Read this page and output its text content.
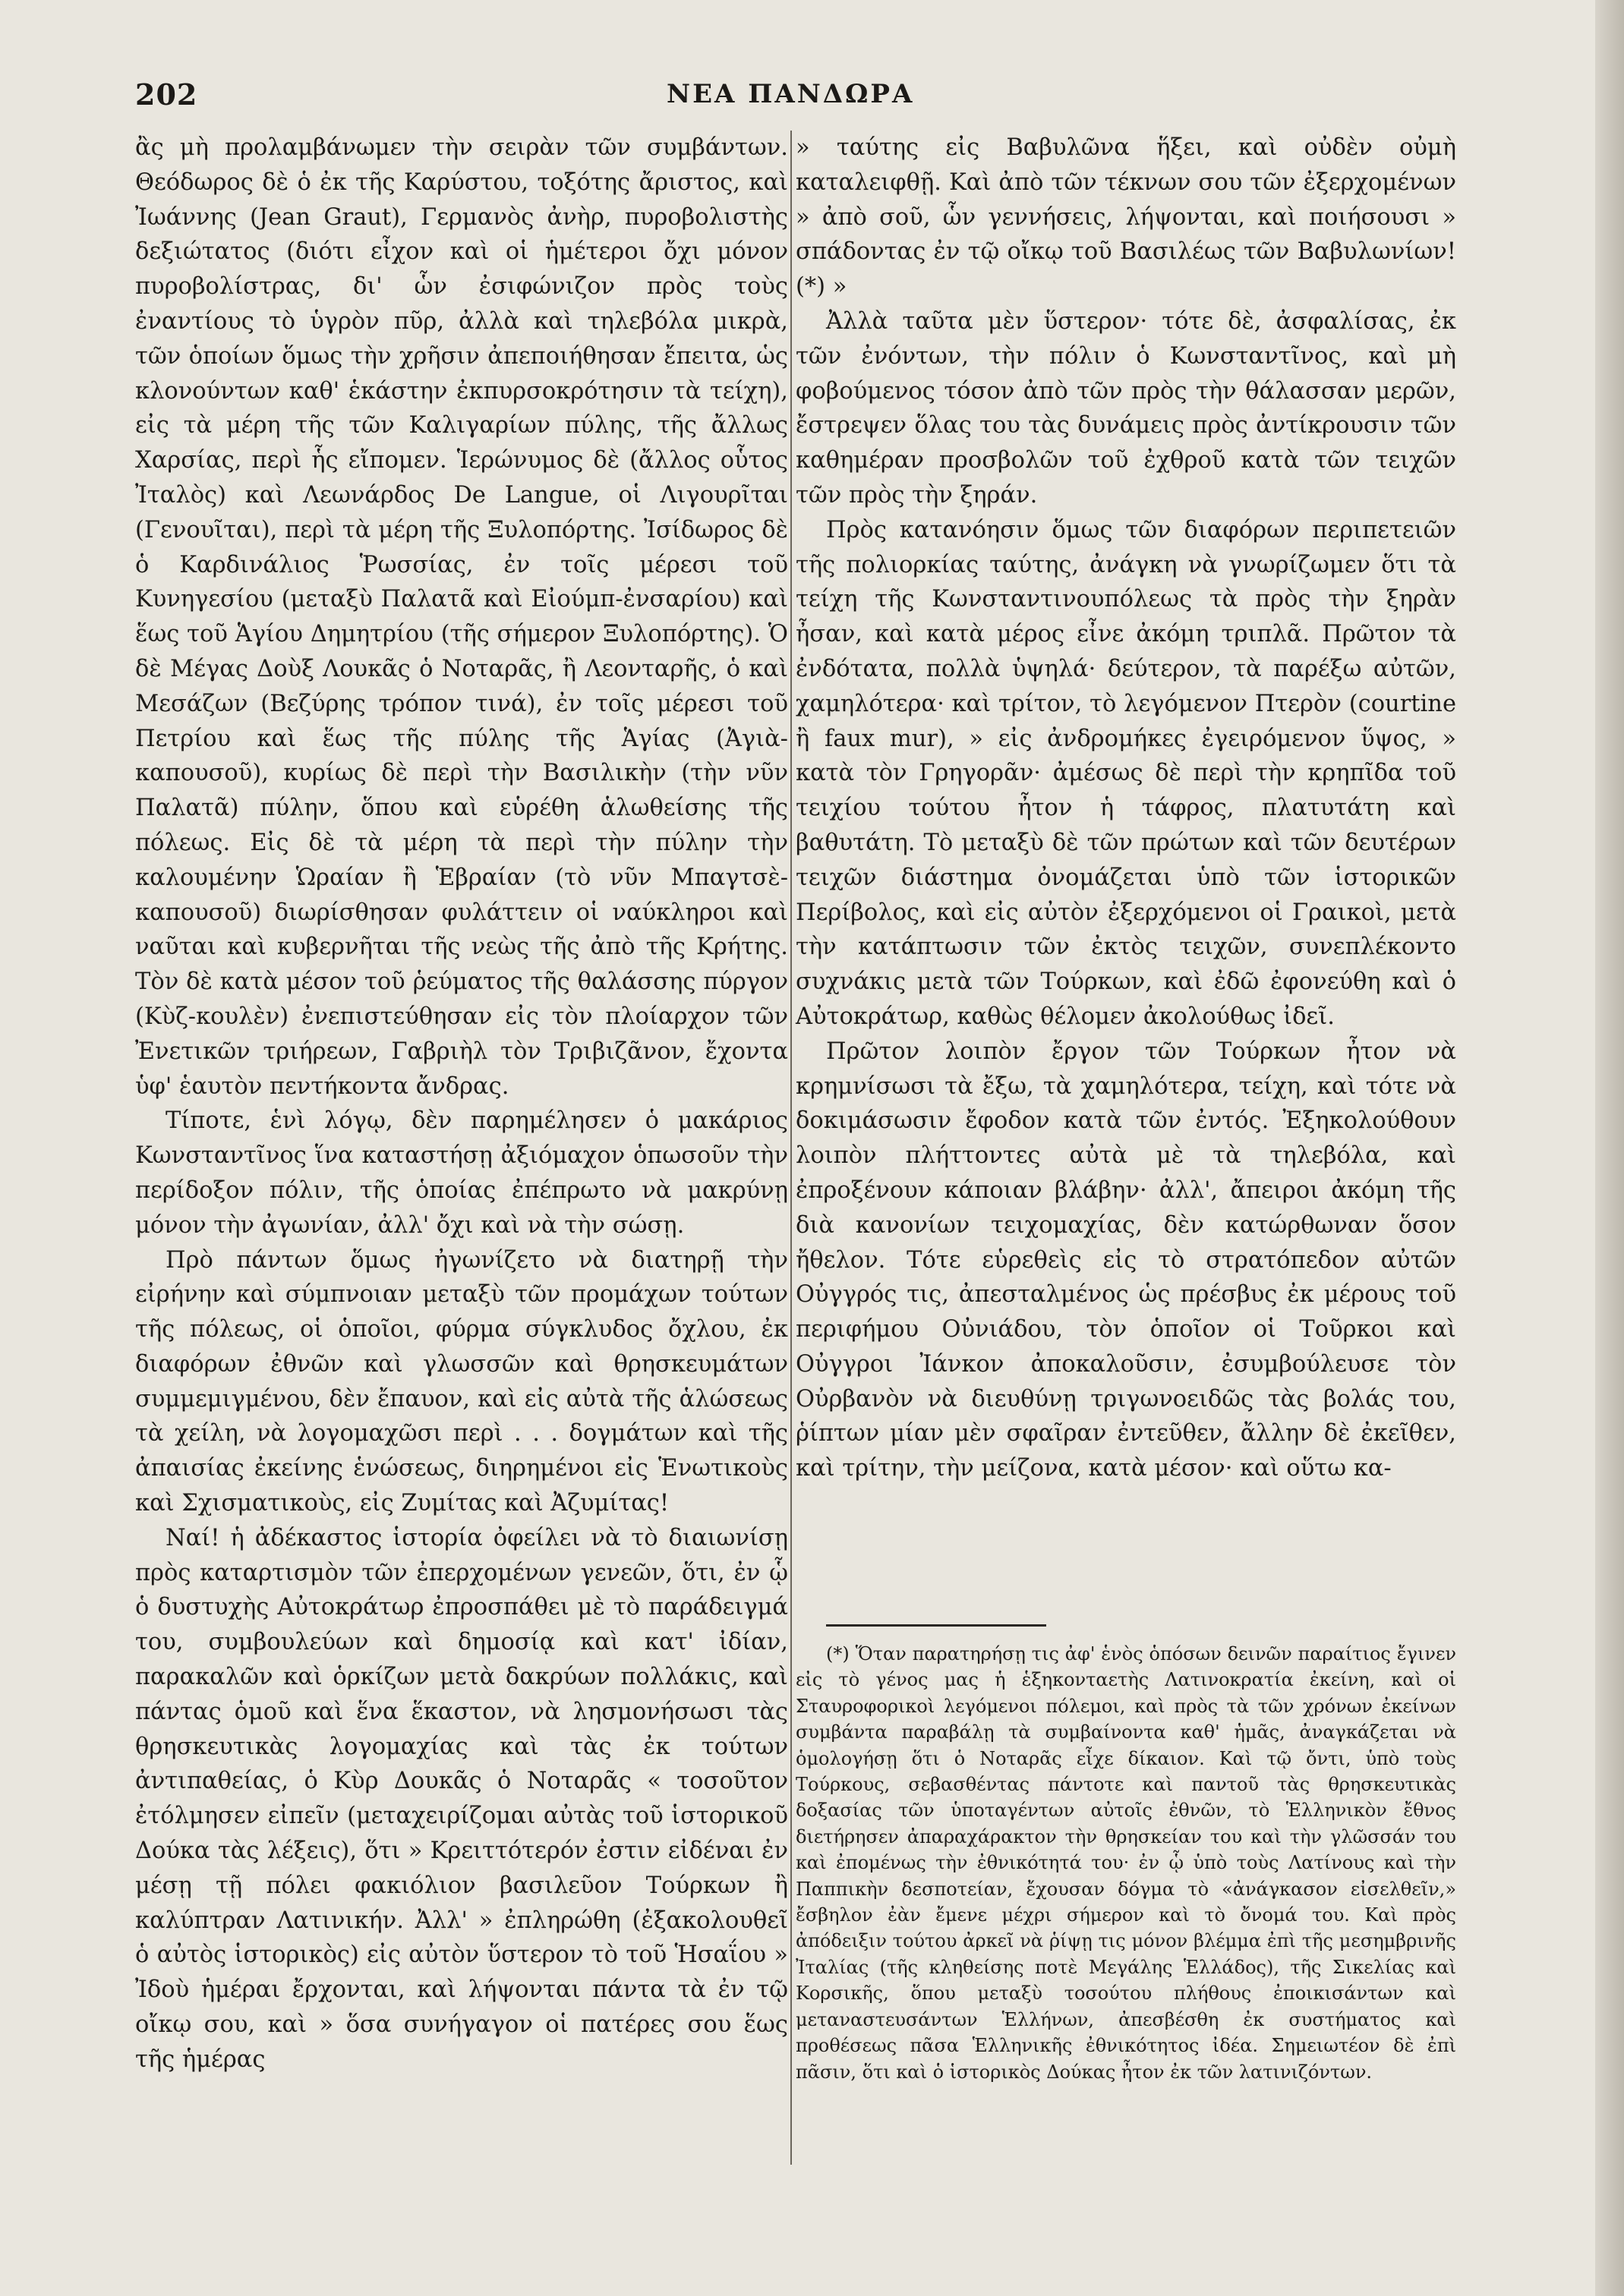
202	ΝΕΑ ΠΑΝΔΩΡΑ

ἂς μὴ προλαμβάνωμεν τὴν σειρὰν τῶν συμβάντων. Θεόδωρος δὲ ὁ ἐκ τῆς Καρύστου, τοξότης ἄριστος, καὶ Ἰωάννης (Jean Graut), Γερμανὸς ἀνὴρ, πυροβολιστὴς δεξιώτατος (διότι εἶχον καὶ οἱ ἡμέτεροι ὄχι μόνον πυροβολίστρας, δι' ὧν ἐσιφώνιζον πρὸς τοὺς ἐναντίους τὸ ὑγρὸν πῦρ, ἀλλὰ καὶ τηλεβόλα μικρὰ, τῶν ὁποίων ὅμως τὴν χρῆσιν ἀπεποιήθησαν ἔπειτα, ὡς κλονούντων καθ' ἑκάστην ἐκπυρσοκρότησιν τὰ τείχη), εἰς τὰ μέρη τῆς τῶν Καλιγαρίων πύλης, τῆς ἄλλως Χαρσίας, περὶ ἧς εἴπομεν. Ἱερώνυμος δὲ (ἄλλος οὗτος Ἰταλὸς) καὶ Λεωνάρδος De Langue, οἱ Λιγουρῖται (Γενουῖται), περὶ τὰ μέρη τῆς Ξυλοπόρτης. Ἰσίδωρος δὲ ὁ Καρδινάλιος Ῥωσσίας, ἐν τοῖς μέρεσι τοῦ Κυνηγεσίου (μεταξὺ Παλατᾶ καὶ Εἰούμπ-ἐνσαρίου) καὶ ἕως τοῦ Ἁγίου Δημητρίου (τῆς σήμερον Ξυλοπόρτης). Ὁ δὲ Μέγας Δοὺξ Λουκᾶς ὁ Νοταρᾶς, ἢ Λεονταρῆς, ὁ καὶ Μεσάζων (Βεζύρης τρόπον τινά), ἐν τοῖς μέρεσι τοῦ Πετρίου καὶ ἕως τῆς πύλης τῆς Ἁγίας (Ἀγιὰ-καπουσοῦ), κυρίως δὲ περὶ τὴν Βασιλικὴν (τὴν νῦν Παλατᾶ) πύλην, ὅπου καὶ εὑρέθη ἁλωθείσης τῆς πόλεως. Εἰς δὲ τὰ μέρη τὰ περὶ τὴν πύλην τὴν καλουμένην Ὡραίαν ἢ Ἑβραίαν (τὸ νῦν Μπαγτσὲ-καπουσοῦ) διωρίσθησαν φυλάττειν οἱ ναύκληροι καὶ ναῦται καὶ κυβερνῆται τῆς νεὼς τῆς ἀπὸ τῆς Κρήτης. Τὸν δὲ κατὰ μέσον τοῦ ῥεύματος τῆς θαλάσσης πύργον (Κὺζ-κουλὲν) ἐνεπιστεύθησαν εἰς τὸν πλοίαρχον τῶν Ἐνετικῶν τριήρεων, Γαβριὴλ τὸν Τριβιζᾶνον, ἔχοντα ὑφ' ἑαυτὸν πεντήκοντα ἄνδρας.

Τίποτε, ἑνὶ λόγῳ, δὲν παρημέλησεν ὁ μακάριος Κωνσταντῖνος ἵνα καταστήσῃ ἀξιόμαχον ὁπωσοῦν τὴν περίδοξον πόλιν, τῆς ὁποίας ἐπέπρωτο νὰ μακρύνῃ μόνον τὴν ἀγωνίαν, ἀλλ' ὄχι καὶ νὰ τὴν σώσῃ.

Πρὸ πάντων ὅμως ἠγωνίζετο νὰ διατηρῇ τὴν εἰρήνην καὶ σύμπνοιαν μεταξὺ τῶν προμάχων τούτων τῆς πόλεως, οἱ ὁποῖοι, φύρμα σύγκλυδος ὄχλου, ἐκ διαφόρων ἐθνῶν καὶ γλωσσῶν καὶ θρησκευμάτων συμμεμιγμένου, δὲν ἔπαυον, καὶ εἰς αὐτὰ τῆς ἁλώσεως τὰ χείλη, νὰ λογομαχῶσι περὶ . . . δογμάτων καὶ τῆς ἀπαισίας ἐκείνης ἑνώσεως, διηρημένοι εἰς Ἑνωτικοὺς καὶ Σχισματικοὺς, εἰς Ζυμίτας καὶ Ἀζυμίτας!

Ναί! ἡ ἀδέκαστος ἱστορία ὀφείλει νὰ τὸ διαιωνίσῃ πρὸς καταρτισμὸν τῶν ἐπερχομένων γενεῶν, ὅτι, ἐν ᾧ ὁ δυστυχὴς Αὐτοκράτωρ ἐπροσπάθει μὲ τὸ παράδειγμά του, συμβουλεύων καὶ δημοσίᾳ καὶ κατ' ἰδίαν, παρακαλῶν καὶ ὁρκίζων μετὰ δακρύων πολλάκις, καὶ πάντας ὁμοῦ καὶ ἕνα ἕκαστον, νὰ λησμονήσωσι τὰς θρησκευτικὰς λογομαχίας καὶ τὰς ἐκ τούτων ἀντιπαθείας, ὁ Κὺρ Δουκᾶς ὁ Νοταρᾶς « τοσοῦτον ἐτόλμησεν εἰπεῖν (μεταχειρίζομαι αὐτὰς τοῦ ἱστορικοῦ Δούκα τὰς λέξεις), ὅτι » Κρειττότερόν ἐστιν εἰδέναι ἐν μέσῃ τῇ πόλει φακιόλιον βασιλεῦον Τούρκων ἢ καλύπτραν Λατινικήν. Ἀλλ' » ἐπληρώθη (ἐξακολουθεῖ ὁ αὐτὸς ἱστορικὸς) εἰς αὐτὸν ὕστερον τὸ τοῦ Ἡσαΐου » Ἰδοὺ ἡμέραι ἔρχονται, καὶ λήψονται πάντα τὰ ἐν τῷ οἴκῳ σου, καὶ » ὅσα συνήγαγον οἱ πατέρες σου ἕως τῆς ἡμέρας

» ταύτης εἰς Βαβυλῶνα ἥξει, καὶ οὐδὲν οὐμὴ καταλειφθῇ. Καὶ ἀπὸ τῶν τέκνων σου τῶν ἐξερχομένων » ἀπὸ σοῦ, ὧν γεννήσεις, λήψονται, καὶ ποιήσουσι » σπάδοντας ἐν τῷ οἴκῳ τοῦ Βασιλέως τῶν Βαβυλωνίων! (*) »

Ἀλλὰ ταῦτα μὲν ὕστερον· τότε δὲ, ἀσφαλίσας, ἐκ τῶν ἐνόντων, τὴν πόλιν ὁ Κωνσταντῖνος, καὶ μὴ φοβούμενος τόσον ἀπὸ τῶν πρὸς τὴν θάλασσαν μερῶν, ἔστρεψεν ὅλας του τὰς δυνάμεις πρὸς ἀντίκρουσιν τῶν καθημέραν προσβολῶν τοῦ ἐχθροῦ κατὰ τῶν τειχῶν τῶν πρὸς τὴν ξηράν.

Πρὸς κατανόησιν ὅμως τῶν διαφόρων περιπετειῶν τῆς πολιορκίας ταύτης, ἀνάγκη νὰ γνωρίζωμεν ὅτι τὰ τείχη τῆς Κωνσταντινουπόλεως τὰ πρὸς τὴν ξηρὰν ἦσαν, καὶ κατὰ μέρος εἶνε ἀκόμη τριπλᾶ. Πρῶτον τὰ ἐνδότατα, πολλὰ ὑψηλά· δεύτερον, τὰ παρέξω αὐτῶν, χαμηλότερα· καὶ τρίτον, τὸ λεγόμενον Πτερὸν (courtine ἢ faux mur), » εἰς ἀνδρομήκες ἐγειρόμενον ὕψος, » κατὰ τὸν Γρηγορᾶν· ἀμέσως δὲ περὶ τὴν κρηπῖδα τοῦ τειχίου τούτου ἦτον ἡ τάφρος, πλατυτάτη καὶ βαθυτάτη. Τὸ μεταξὺ δὲ τῶν πρώτων καὶ τῶν δευτέρων τειχῶν διάστημα ὀνομάζεται ὑπὸ τῶν ἱστορικῶν Περίβολος, καὶ εἰς αὐτὸν ἐξερχόμενοι οἱ Γραικοὶ, μετὰ τὴν κατάπτωσιν τῶν ἐκτὸς τειχῶν, συνεπλέκοντο συχνάκις μετὰ τῶν Τούρκων, καὶ ἐδῶ ἐφονεύθη καὶ ὁ Αὐτοκράτωρ, καθὼς θέλομεν ἀκολούθως ἰδεῖ.

Πρῶτον λοιπὸν ἔργον τῶν Τούρκων ἦτον νὰ κρημνίσωσι τὰ ἔξω, τὰ χαμηλότερα, τείχη, καὶ τότε νὰ δοκιμάσωσιν ἔφοδον κατὰ τῶν ἐντός. Ἐξηκολούθουν λοιπὸν πλήττοντες αὐτὰ μὲ τὰ τηλεβόλα, καὶ ἐπροξένουν κάποιαν βλάβην· ἀλλ', ἄπειροι ἀκόμη τῆς διὰ κανονίων τειχομαχίας, δὲν κατώρθωναν ὅσον ἤθελον. Τότε εὑρεθεὶς εἰς τὸ στρατόπεδον αὐτῶν Οὐγγρός τις, ἀπεσταλμένος ὡς πρέσβυς ἐκ μέρους τοῦ περιφήμου Οὐνιάδου, τὸν ὁποῖον οἱ Τοῦρκοι καὶ Οὐγγροι Ἰάνκον ἀποκαλοῦσιν, ἐσυμβούλευσε τὸν Οὐρβανὸν νὰ διευθύνῃ τριγωνοειδῶς τὰς βολάς του, ῥίπτων μίαν μὲν σφαῖραν ἐντεῦθεν, ἄλλην δὲ ἐκεῖθεν, καὶ τρίτην, τὴν μείζονα, κατὰ μέσον· καὶ οὕτω κα-

(*) Ὅταν παρατηρήσῃ τις ἀφ' ἑνὸς ὁπόσων δεινῶν παραίτιος ἔγινεν εἰς τὸ γένος μας ἡ ἑξηκονταετὴς Λατινοκρατία ἐκείνη, καὶ οἱ Σταυροφορικοὶ λεγόμενοι πόλεμοι, καὶ πρὸς τὰ τῶν χρόνων ἐκείνων συμβάντα παραβάλῃ τὰ συμβαίνοντα καθ' ἡμᾶς, ἀναγκάζεται νὰ ὁμολογήσῃ ὅτι ὁ Νοταρᾶς εἶχε δίκαιον. Καὶ τῷ ὄντι, ὑπὸ τοὺς Τούρκους, σεβασθέντας πάντοτε καὶ παντοῦ τὰς θρησκευτικὰς δοξασίας τῶν ὑποταγέντων αὐτοῖς ἐθνῶν, τὸ Ἑλληνικὸν ἔθνος διετήρησεν ἀπαραχάρακτον τὴν θρησκείαν του καὶ τὴν γλῶσσάν του καὶ ἐπομένως τὴν ἐθνικότητά του· ἐν ᾧ ὑπὸ τοὺς Λατίνους καὶ τὴν Παππικὴν δεσποτείαν, ἔχουσαν δόγμα τὸ «ἀνάγκασον εἰσελθεῖν,» ἔσβηλον ἐὰν ἔμενε μέχρι σήμερον καὶ τὸ ὄνομά του. Καὶ πρὸς ἀπόδειξιν τούτου ἀρκεῖ νὰ ῥίψῃ τις μόνον βλέμμα ἐπὶ τῆς μεσημβρινῆς Ἰταλίας (τῆς κληθείσης ποτὲ Μεγάλης Ἑλλάδος), τῆς Σικελίας καὶ Κορσικῆς, ὅπου μεταξὺ τοσούτου πλήθους ἐποικισάντων καὶ μεταναστευσάντων Ἑλλήνων, ἀπεσβέσθη ἐκ συστήματος καὶ προθέσεως πᾶσα Ἑλληνικῆς ἐθνικότητος ἰδέα. Σημειωτέον δὲ ἐπὶ πᾶσιν, ὅτι καὶ ὁ ἱστορικὸς Δούκας ἦτον ἐκ τῶν λατινιζόντων.
